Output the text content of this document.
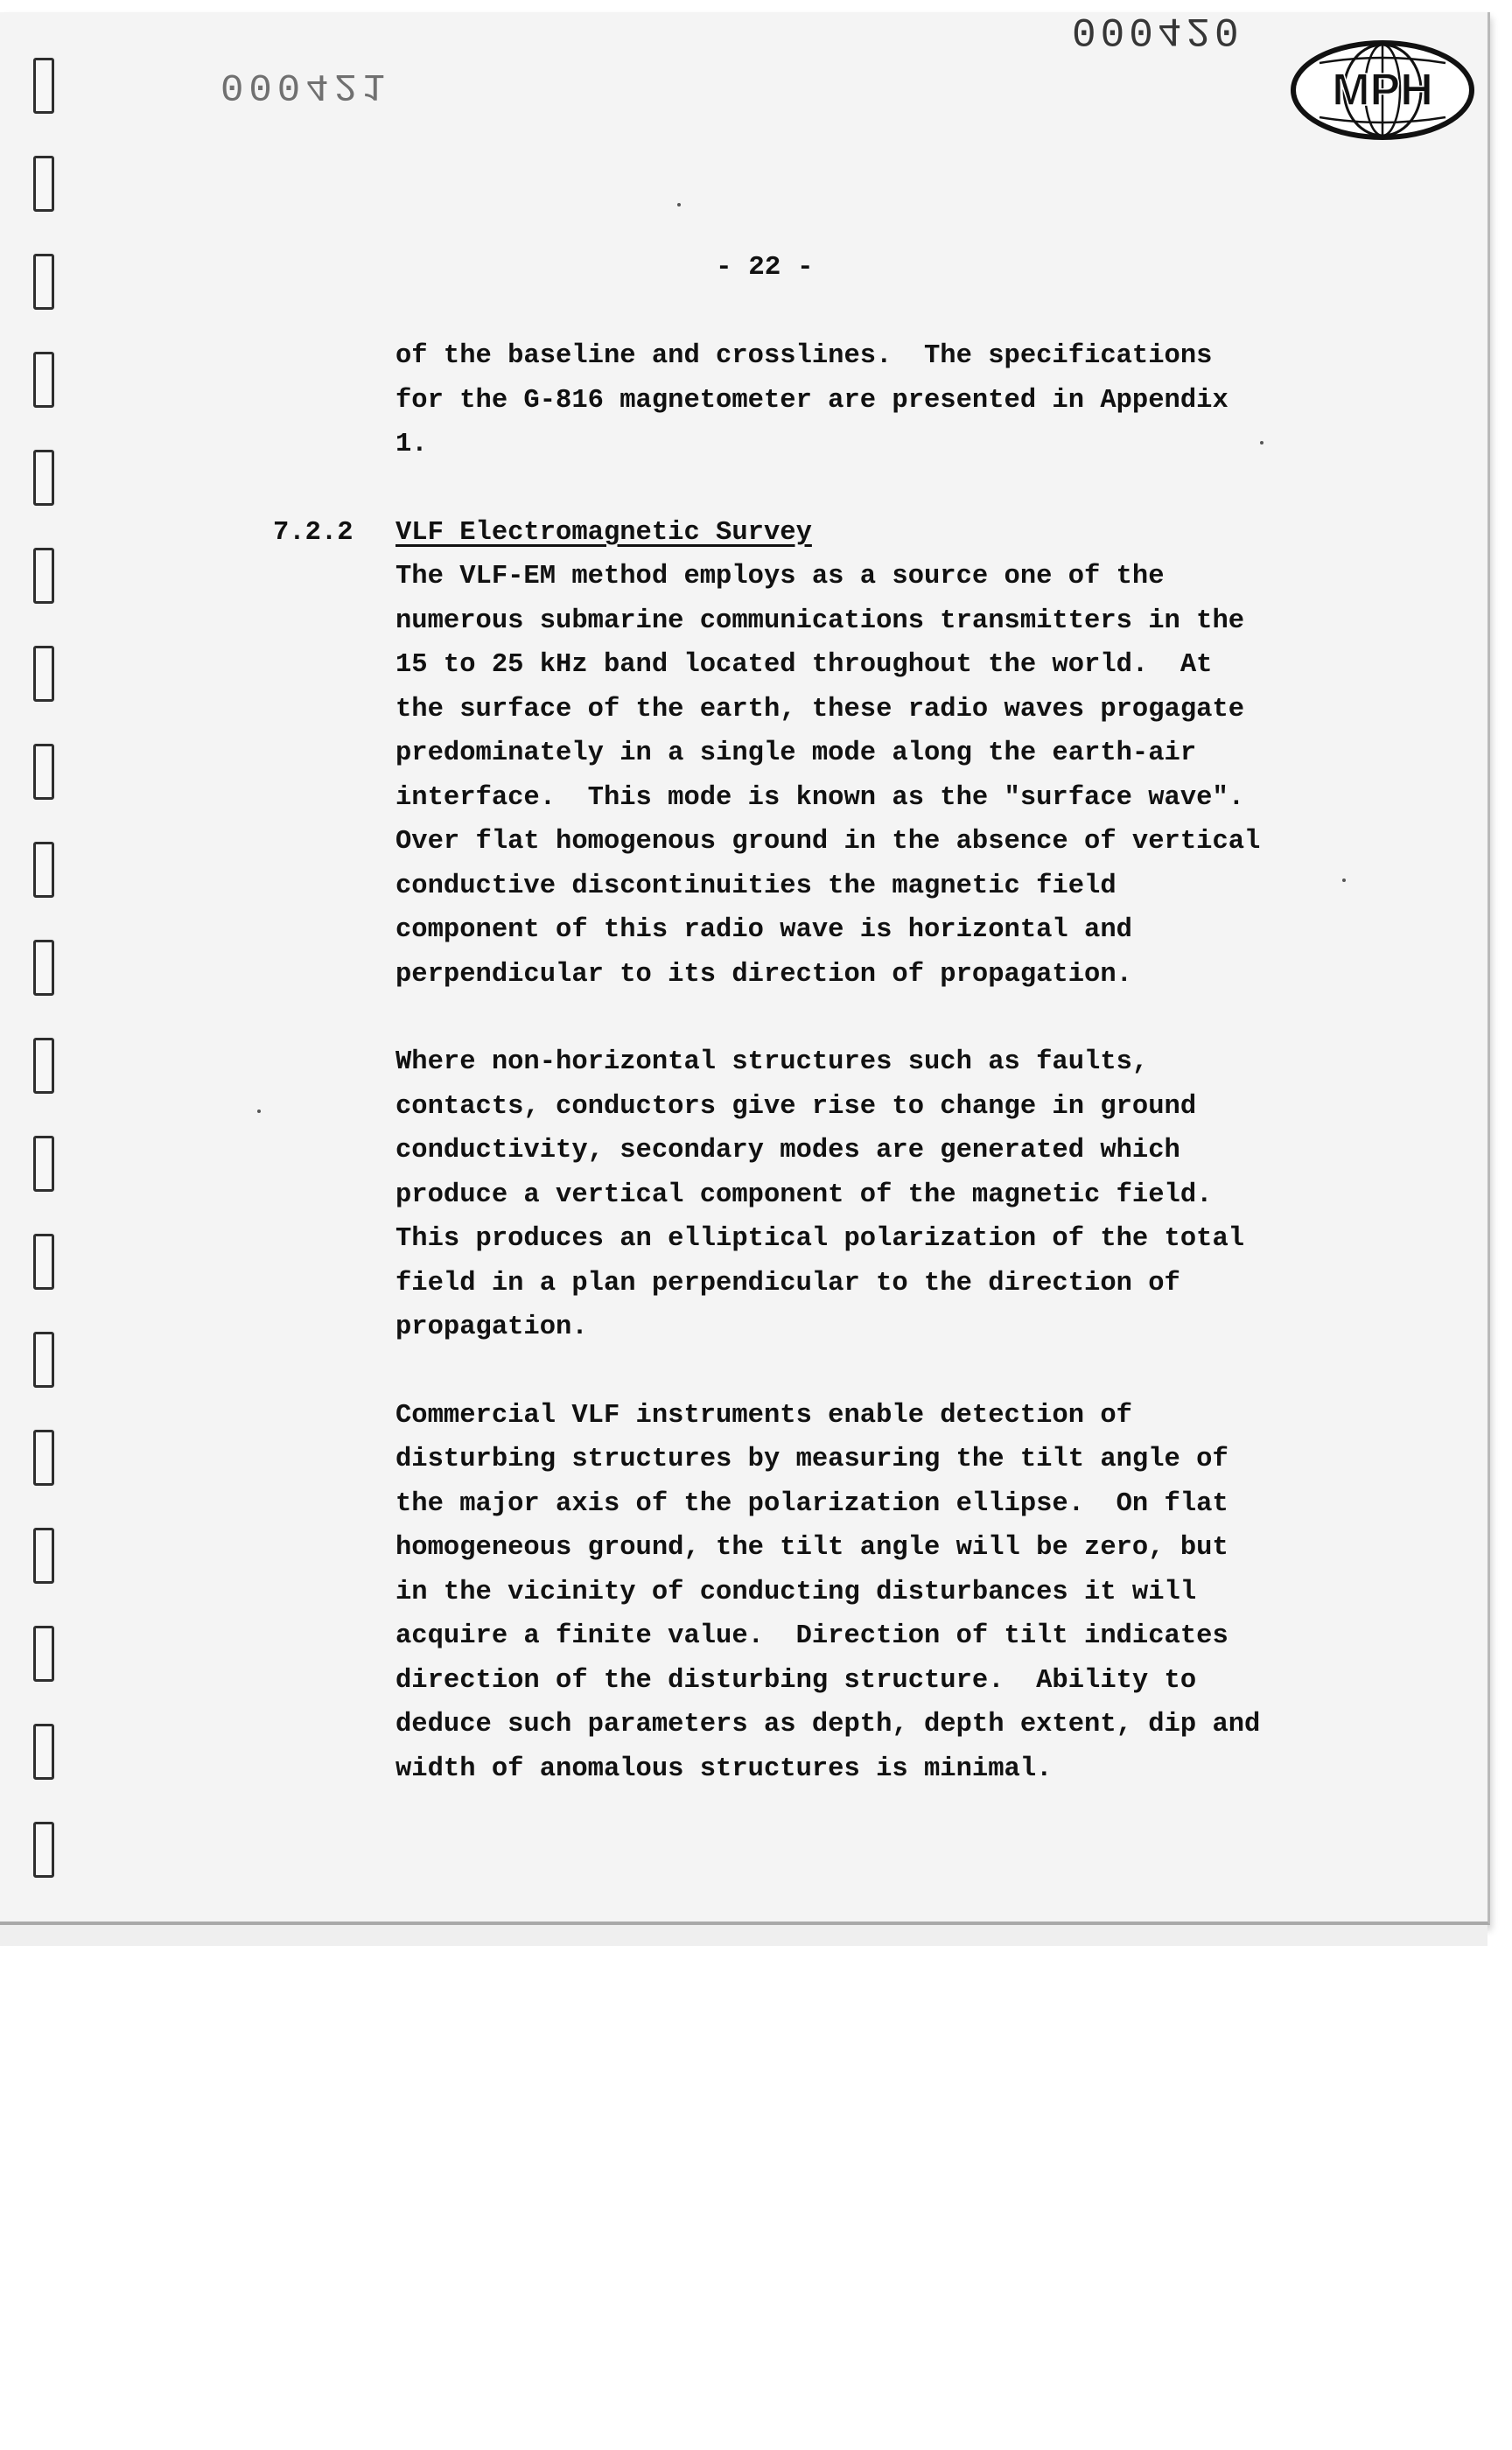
000420
000421	MPH
- 22 -
of the baseline and crosslines.  The specifications
for the G-816 magnetometer are presented in Appendix
1.
7.2.2 VLF Electromagnetic Survey
The VLF-EM method employs as a source one of the
numerous submarine communications transmitters in the
15 to 25 kHz band located throughout the world.  At
the surface of the earth, these radio waves progagate
predominately in a single mode along the earth-air
interface.  This mode is known as the "surface wave".
Over flat homogenous ground in the absence of vertical
conductive discontinuities the magnetic field
component of this radio wave is horizontal and
perpendicular to its direction of propagation.
Where non-horizontal structures such as faults,
contacts, conductors give rise to change in ground
conductivity, secondary modes are generated which
produce a vertical component of the magnetic field.
This produces an elliptical polarization of the total
field in a plan perpendicular to the direction of
propagation.
Commercial VLF instruments enable detection of
disturbing structures by measuring the tilt angle of
the major axis of the polarization ellipse.  On flat
homogeneous ground, the tilt angle will be zero, but
in the vicinity of conducting disturbances it will
acquire a finite value.  Direction of tilt indicates
direction of the disturbing structure.  Ability to
deduce such parameters as depth, depth extent, dip and
width of anomalous structures is minimal.
